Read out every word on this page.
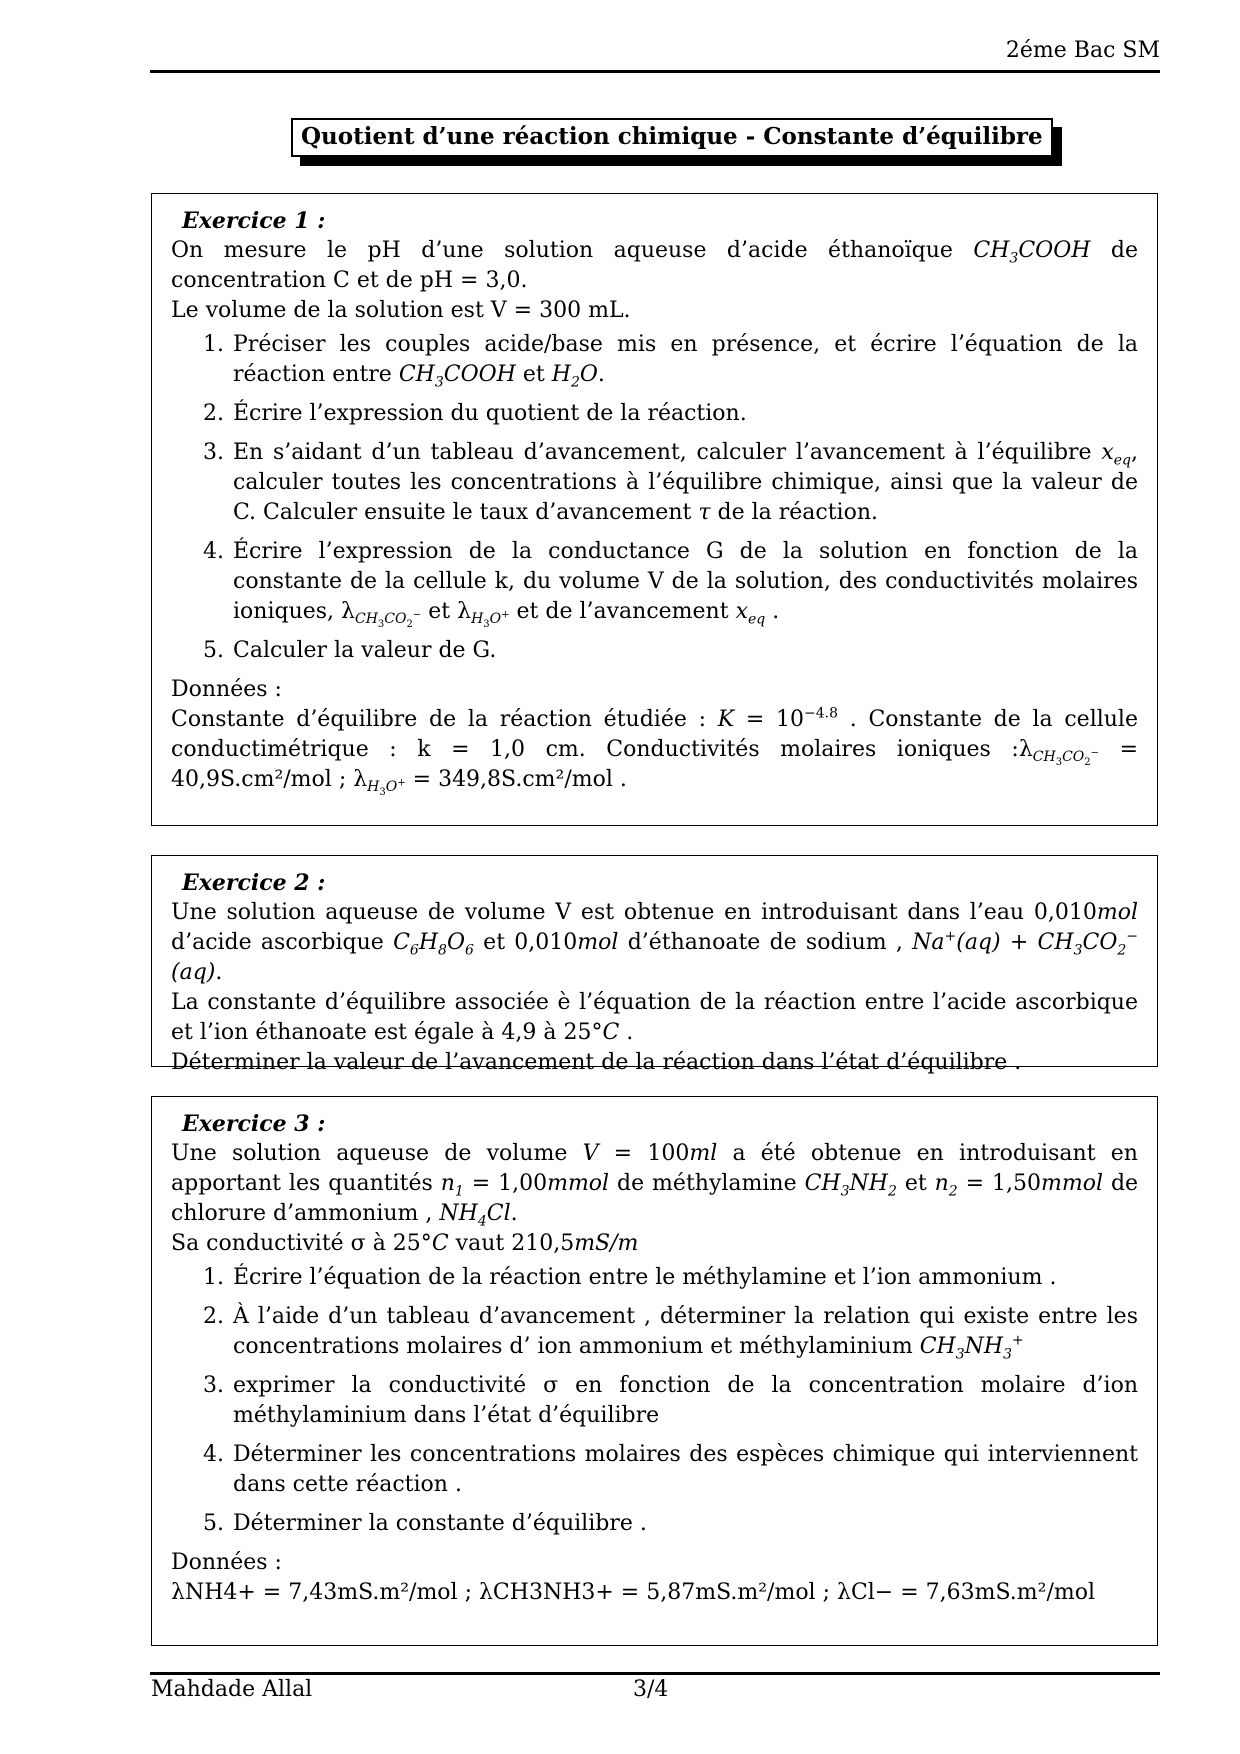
2éme Bac SM
Quotient d’une réaction chimique - Constante d’équilibre
Exercice 1 :

On mesure le pH d’une solution aqueuse d’acide éthanoïque $CH_3COOH$ de concentration C et de pH = 3,0.
Le volume de la solution est V = 300 mL.

1. Préciser les couples acide/base mis en présence, et écrire l’équation de la réaction entre $CH_3COOH$ et $H_2O$.
2. Écrire l’expression du quotient de la réaction.
3. En s’aidant d’un tableau d’avancement, calculer l’avancement à l’équilibre $x_{eq}$, calculer toutes les concentrations à l’équilibre chimique, ainsi que la valeur de C. Calculer ensuite le taux d’avancement τ de la réaction.
4. Écrire l’expression de la conductance G de la solution en fonction de la constante de la cellule k, du volume V de la solution, des conductivités molaires ioniques, $\lambda_{CH_3CO_2^-}$ et $\lambda_{H_3O^+}$ et de l’avancement $x_{eq}$ .
5. Calculer la valeur de G.

Données :
Constante d’équilibre de la réaction étudiée : $K = 10^{-4.8}$ . Constante de la cellule conductimétrique : k = 1,0 cm. Conductivités molaires ioniques $:\lambda_{CH_3CO_2^-} = 40,9S.cm^2/mol$ ; $\lambda_{H_3O^+} = 349,8S.cm^2/mol$ .

Exercice 2 :

Une solution aqueuse de volume V est obtenue en introduisant dans l’eau 0,010mol d’acide ascorbique $C_6H_8O_6$ et 0,010mol d’éthanoate de sodium , $Na^+(aq) + CH_3CO_2^-(aq)$.
La constante d’équilibre associée è l’équation de la réaction entre l’acide ascorbique et l’ion éthanoate est égale à 4,9 à 25°C .
Déterminer la valeur de l’avancement de la réaction dans l’état d’équilibre .

Exercice 3 :

Une solution aqueuse de volume V = 100ml a été obtenue en introduisant en apportant les quantités $n_1$ = 1,00mmol de méthylamine $CH_3NH_2$ et $n_2$ = 1,50mmol de chlorure d’ammonium , $NH_4Cl$.
Sa conductivité σ à 25°C vaut 210,5mS/m

1. Écrire l’équation de la réaction entre le méthylamine et l’ion ammonium .
2. À l’aide d’un tableau d’avancement , déterminer la relation qui existe entre les concentrations molaires d’ ion ammonium et méthylaminium $CH_3NH_3^+$
3. exprimer la conductivité σ en fonction de la concentration molaire d’ion méthylaminium dans l’état d’équilibre
4. Déterminer les concentrations molaires des espèces chimique qui interviennent dans cette réaction .
5. Déterminer la constante d’équilibre .

Données :
λNH4+ = 7,43mS.m²/mol ; λCH3NH3+ = 5,87mS.m²/mol ; λCl− = 7,63mS.m²/mol

Mahdade Allal	3/4
